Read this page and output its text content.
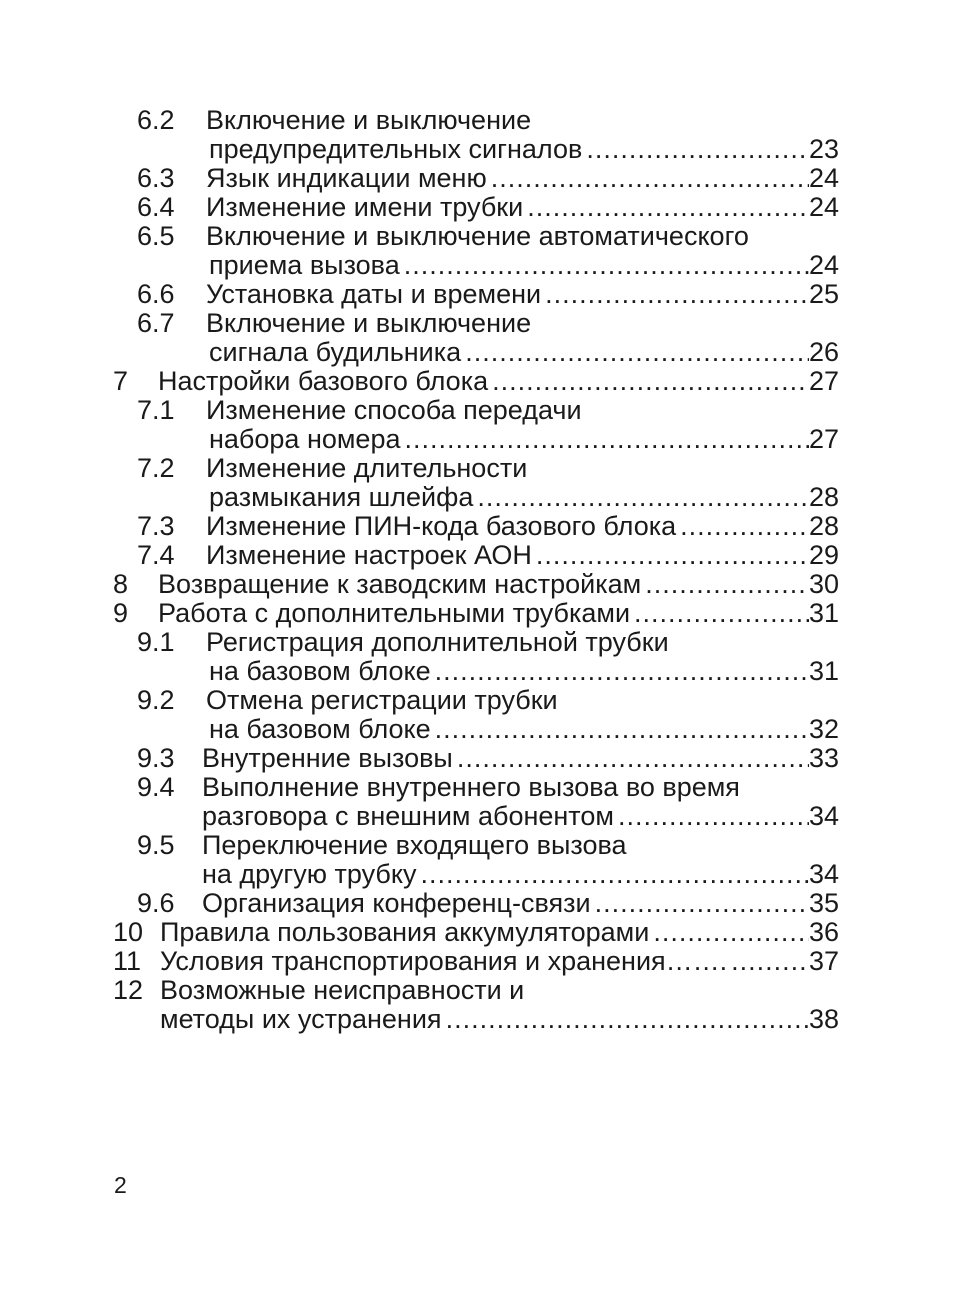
6.2 Включение и выключение
предупредительных сигналов .....	23
6.3 Язык индикации меню .....	24
6.4 Изменение имени трубки .....	24
6.5 Включение и выключение автоматического
приема вызова .....	24
6.6 Установка даты и времени .....	25
6.7 Включение и выключение
сигнала будильника .....	26
7 Настройки базового блока .....	27
7.1 Изменение способа передачи
набора номера .....	27
7.2 Изменение длительности
размыкания шлейфа .....	28
7.3 Изменение ПИН-кода базового блока .....	28
7.4 Изменение настроек АОН .....	29
8 Возвращение к заводским настройкам .....	30
9 Работа с дополнительными трубками .....	31
9.1 Регистрация дополнительной трубки
на базовом блоке .....	31
9.2 Отмена регистрации трубки
на базовом блоке .....	32
9.3 Внутренние вызовы .....	33
9.4 Выполнение внутреннего вызова во время
разговора с внешним абонентом .....	34
9.5 Переключение входящего вызова
на другую трубку .....	34
9.6 Организация конференц-связи .....	35
10 Правила пользования аккумуляторами .....	36
11 Условия транспортирования и хранения……. .....	37
12 Возможные неисправности и
методы их устранения .....	38
2
